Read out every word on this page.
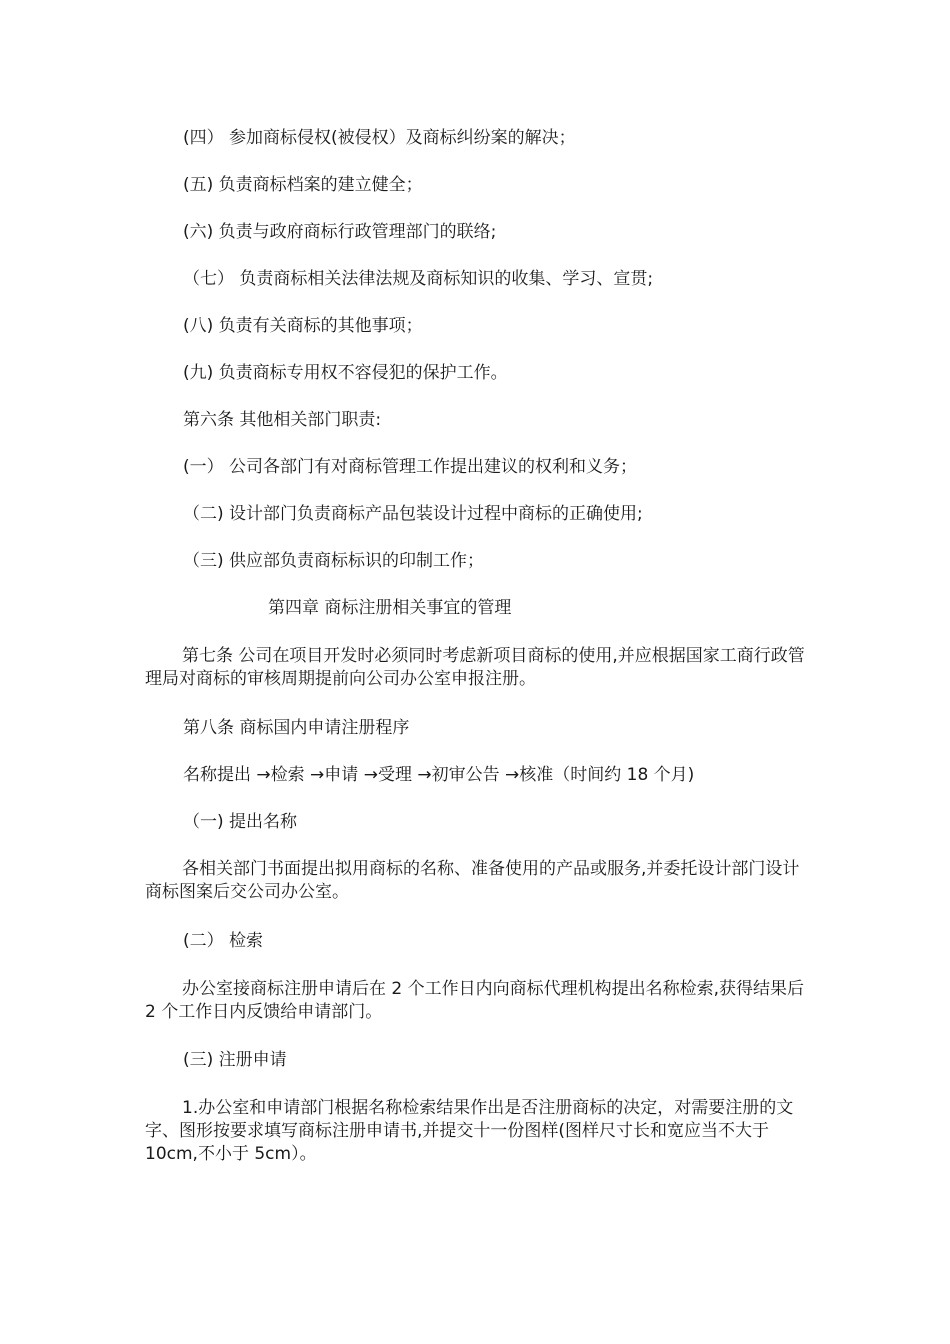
(四） 参加商标侵权(被侵权）及商标纠纷案的解决；

(五) 负责商标档案的建立健全；

(六) 负责与政府商标行政管理部门的联络;

（七） 负责商标相关法律法规及商标知识的收集、学习、宣贯;

(八) 负责有关商标的其他事项；

(九) 负责商标专用权不容侵犯的保护工作。

第六条 其他相关部门职责:

(一） 公司各部门有对商标管理工作提出建议的权利和义务；

（二) 设计部门负责商标产品包装设计过程中商标的正确使用;

（三) 供应部负责商标标识的印制工作；

第四章 商标注册相关事宜的管理

第七条 公司在项目开发时必须同时考虑新项目商标的使用,并应根据国家工商行政管理局对商标的审核周期提前向公司办公室申报注册。

第八条 商标国内申请注册程序

名称提出 →检索 →申请 →受理 →初审公告 →核准（时间约 18 个月)

（一) 提出名称

各相关部门书面提出拟用商标的名称、准备使用的产品或服务,并委托设计部门设计商标图案后交公司办公室。

(二） 检索

办公室接商标注册申请后在 2 个工作日内向商标代理机构提出名称检索,获得结果后 2 个工作日内反馈给申请部门。

(三) 注册申请

1.办公室和申请部门根据名称检索结果作出是否注册商标的决定，对需要注册的文字、图形按要求填写商标注册申请书,并提交十一份图样(图样尺寸长和宽应当不大于 10cm,不小于 5cm）。
